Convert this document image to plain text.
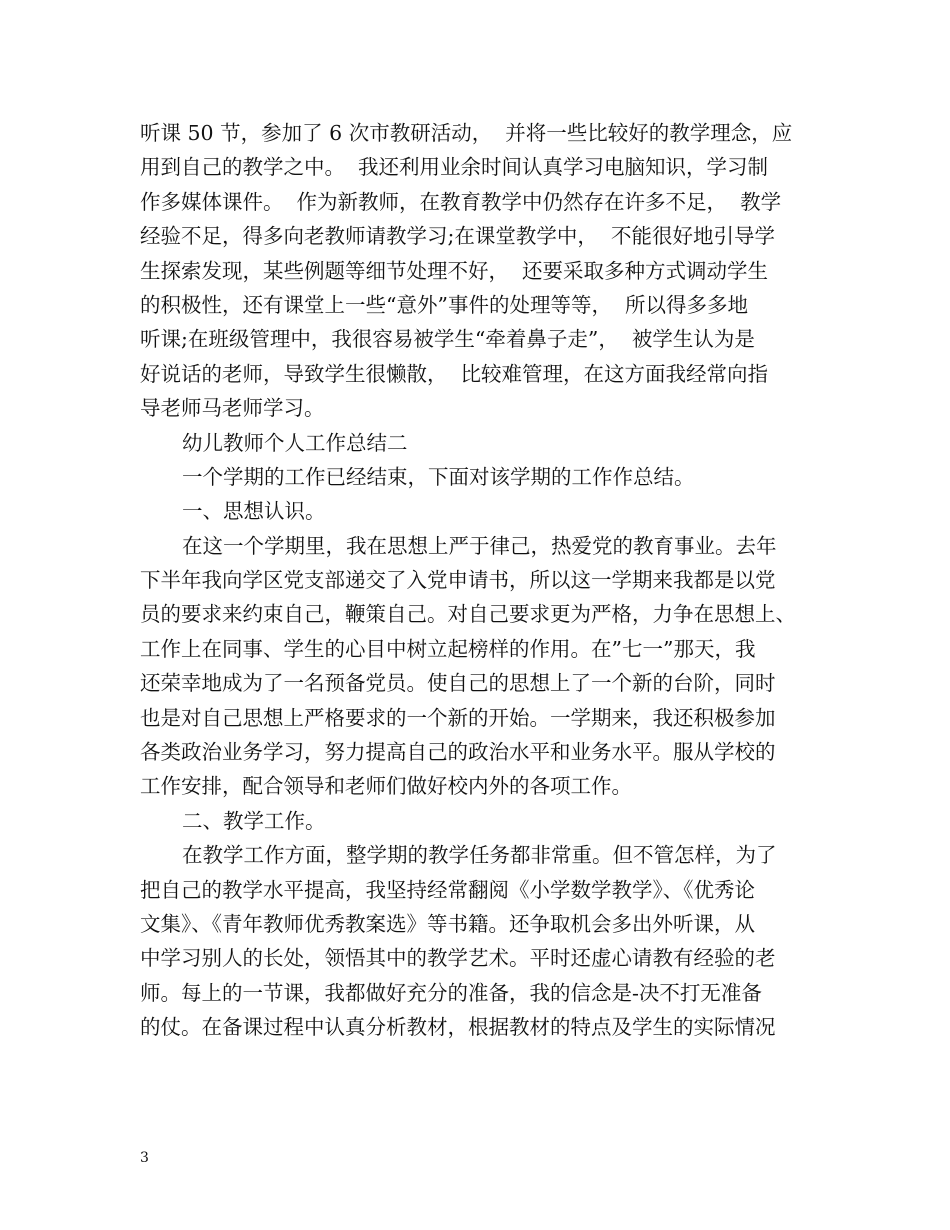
听课 50 节，参加了 6 次市教研活动，  并将一些比较好的教学理念，应
用到自己的教学之中。  我还利用业余时间认真学习电脑知识，学习制
作多媒体课件。  作为新教师，在教育教学中仍然存在许多不足，  教学
经验不足，得多向老教师请教学习;在课堂教学中，  不能很好地引导学
生探索发现，某些例题等细节处理不好，  还要采取多种方式调动学生
的积极性，还有课堂上一些“意外”事件的处理等等，  所以得多多地
听课;在班级管理中，我很容易被学生“牵着鼻子走”，  被学生认为是
好说话的老师，导致学生很懒散，  比较难管理，在这方面我经常向指
导老师马老师学习。
幼儿教师个人工作总结二
一个学期的工作已经结束，下面对该学期的工作作总结。
一、思想认识。
在这一个学期里，我在思想上严于律己，热爱党的教育事业。去年
下半年我向学区党支部递交了入党申请书，所以这一学期来我都是以党
员的要求来约束自己，鞭策自己。对自己要求更为严格，力争在思想上、
工作上在同事、学生的心目中树立起榜样的作用。在”七一”那天，我
还荣幸地成为了一名预备党员。使自己的思想上了一个新的台阶，同时
也是对自己思想上严格要求的一个新的开始。一学期来，我还积极参加
各类政治业务学习，努力提高自己的政治水平和业务水平。服从学校的
工作安排，配合领导和老师们做好校内外的各项工作。
二、教学工作。
在教学工作方面，整学期的教学任务都非常重。但不管怎样，为了
把自己的教学水平提高，我坚持经常翻阅《小学数学教学》、《优秀论
文集》、《青年教师优秀教案选》等书籍。还争取机会多出外听课，从
中学习别人的长处，领悟其中的教学艺术。平时还虚心请教有经验的老
师。每上的一节课，我都做好充分的准备，我的信念是-决不打无准备
的仗。在备课过程中认真分析教材，根据教材的特点及学生的实际情况
3
